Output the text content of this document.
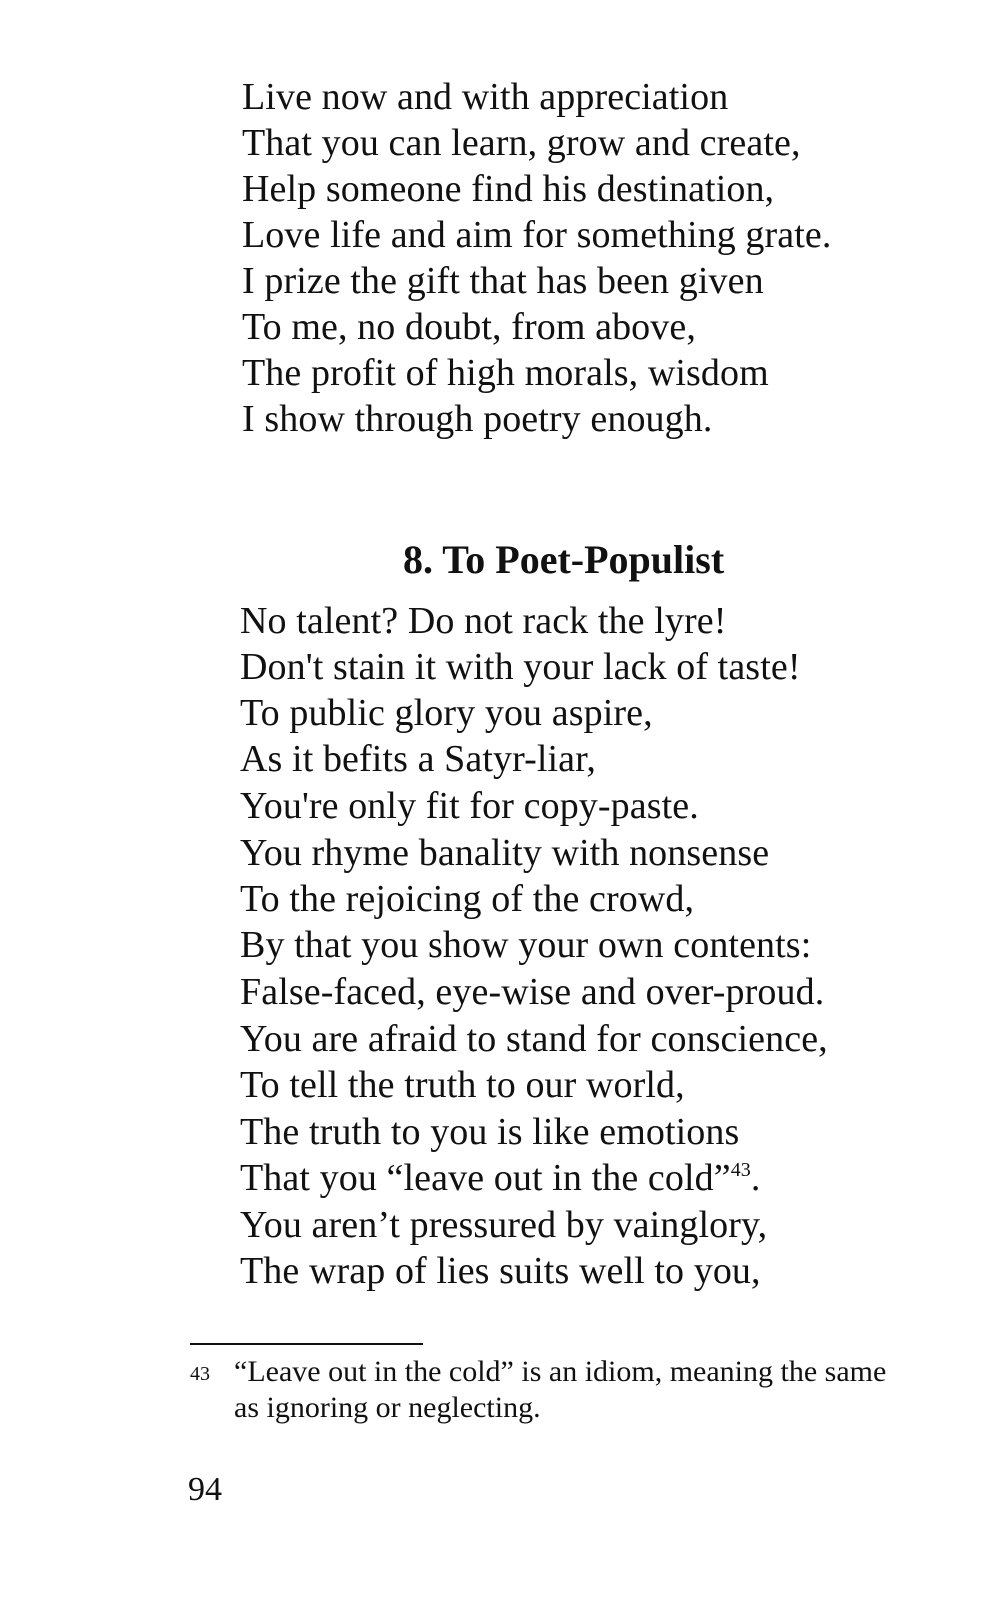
Live now and with appreciation
That you can learn, grow and create,
Help someone find his destination,
Love life and aim for something grate.
I prize the gift that has been given
To me, no doubt, from above,
The profit of high morals, wisdom
I show through poetry enough.
8. To Poet-Populist
No talent? Do not rack the lyre!
Don't stain it with your lack of taste!
To public glory you aspire,
As it befits a Satyr-liar,
You're only fit for copy-paste.
You rhyme banality with nonsense
To the rejoicing of the crowd,
By that you show your own contents:
False-faced, eye-wise and over-proud.
You are afraid to stand for conscience,
To tell the truth to our world,
The truth to you is like emotions
That you “leave out in the cold”$^{43}$.
You aren’t pressured by vainglory,
The wrap of lies suits well to you,
43 “Leave out in the cold” is an idiom, meaning the same
as ignoring or neglecting.
94
